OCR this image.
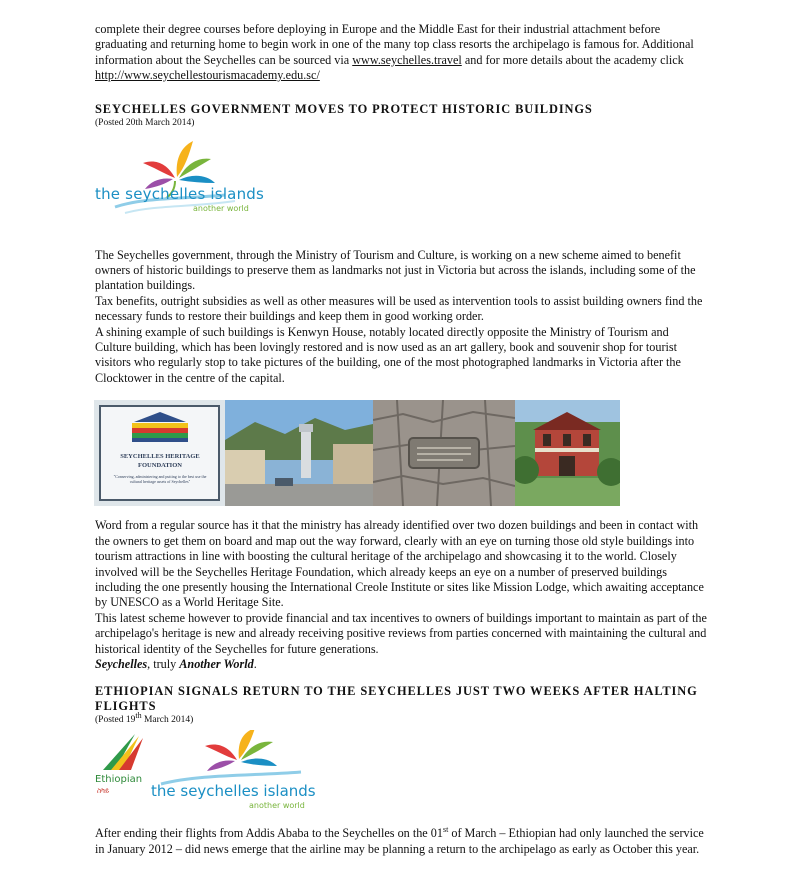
complete their degree courses before deploying in Europe and the Middle East for their industrial attachment before graduating and returning home to begin work in one of the many top class resorts the archipelago is famous for. Additional information about the Seychelles can be sourced via www.seychelles.travel and for more details about the academy click http://www.seychellestourismacademy.edu.sc/

SEYCHELLES GOVERNMENT MOVES TO PROTECT HISTORIC BUILDINGS
(Posted 20th March 2014)
the seychelles islands
another world

The Seychelles government, through the Ministry of Tourism and Culture, is working on a new scheme aimed to benefit owners of historic buildings to preserve them as landmarks not just in Victoria but across the islands, including some of the plantation buildings.

Tax benefits, outright subsidies as well as other measures will be used as intervention tools to assist building owners find the necessary funds to restore their buildings and keep them in good working order.

A shining example of such buildings is Kenwyn House, notably located directly opposite the Ministry of Tourism and Culture building, which has been lovingly restored and is now used as an art gallery, book and souvenir shop for tourist visitors who regularly stop to take pictures of the building, one of the most photographed landmarks in Victoria after the Clocktower in the centre of the capital.

SEYCHELLES HERITAGE FOUNDATION
"Conserving, administering and putting to the best use the cultural heritage assets of Seychelles"

Word from a regular source has it that the ministry has already identified over two dozen buildings and been in contact with the owners to get them on board and map out the way forward, clearly with an eye on turning those old style buildings into tourism attractions in line with boosting the cultural heritage of the archipelago and showcasing it to the world. Closely involved will be the Seychelles Heritage Foundation, which already keeps an eye on a number of preserved buildings including the one presently housing the International Creole Institute or sites like Mission Lodge, which awaiting acceptance by UNESCO as a World Heritage Site.

This latest scheme however to provide financial and tax incentives to owners of buildings important to maintain as part of the archipelago's heritage is new and already receiving positive reviews from parties concerned with maintaining the cultural and historical identity of the Seychelles for future generations.

Seychelles, truly Another World.

ETHIOPIAN SIGNALS RETURN TO THE SEYCHELLES JUST TWO WEEKS AFTER HALTING FLIGHTS
(Posted 19th March 2014)
Ethiopian
ስካይ	the seychelles islands
another world

After ending their flights from Addis Ababa to the Seychelles on the 01st of March – Ethiopian had only launched the service in January 2012 – did news emerge that the airline may be planning a return to the archipelago as early as October this year.
